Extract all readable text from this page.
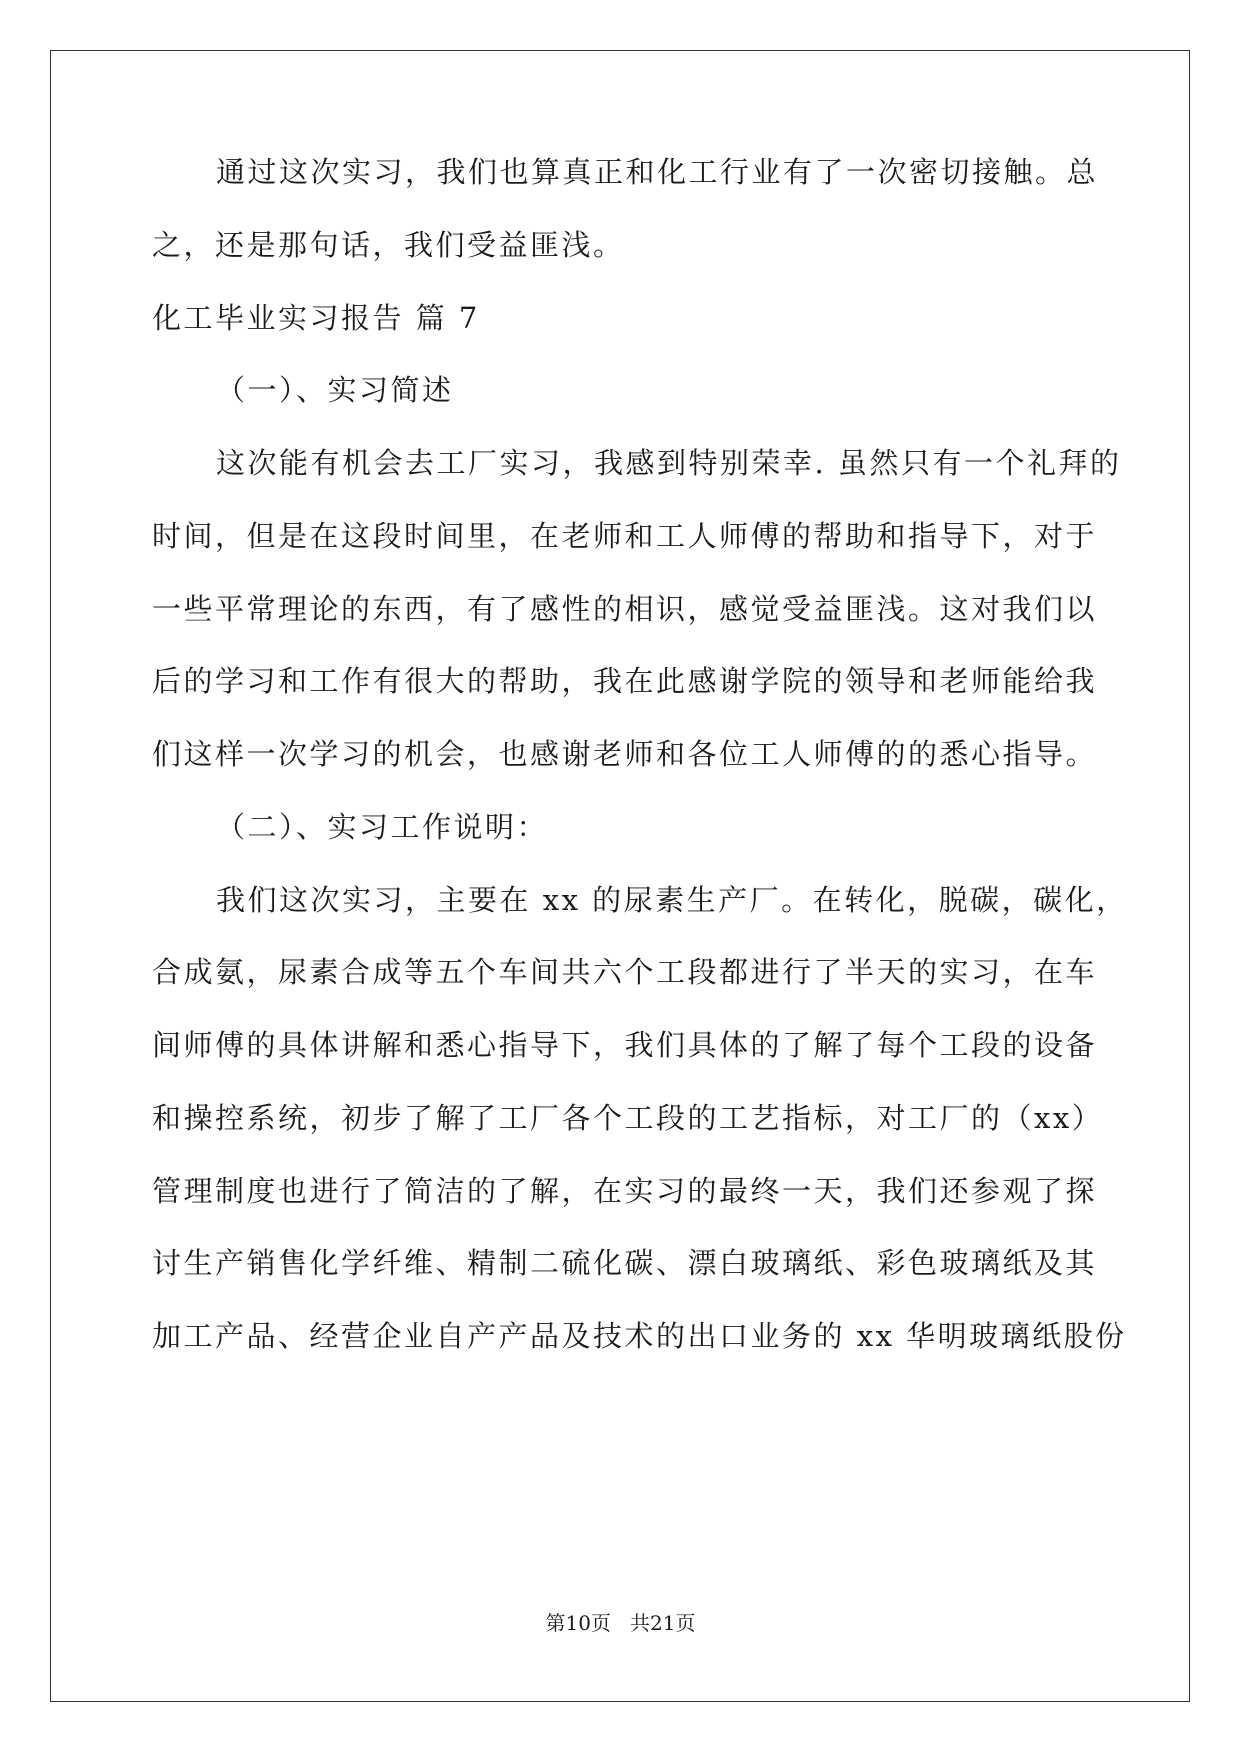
通过这次实习，我们也算真正和化工行业有了一次密切接触。总
之，还是那句话，我们受益匪浅。
化工毕业实习报告 篇 7
（一）、实习简述
这次能有机会去工厂实习，我感到特别荣幸. 虽然只有一个礼拜的
时间，但是在这段时间里，在老师和工人师傅的帮助和指导下，对于
一些平常理论的东西，有了感性的相识，感觉受益匪浅。这对我们以
后的学习和工作有很大的帮助，我在此感谢学院的领导和老师能给我
们这样一次学习的机会，也感谢老师和各位工人师傅的的悉心指导。
（二）、实习工作说明：
我们这次实习，主要在 xx 的尿素生产厂。在转化，脱碳，碳化，
合成氨，尿素合成等五个车间共六个工段都进行了半天的实习，在车
间师傅的具体讲解和悉心指导下，我们具体的了解了每个工段的设备
和操控系统，初步了解了工厂各个工段的工艺指标，对工厂的（xx）
管理制度也进行了简洁的了解，在实习的最终一天，我们还参观了探
讨生产销售化学纤维、精制二硫化碳、漂白玻璃纸、彩色玻璃纸及其
加工产品、经营企业自产产品及技术的出口业务的 xx 华明玻璃纸股份
第10页   共21页
